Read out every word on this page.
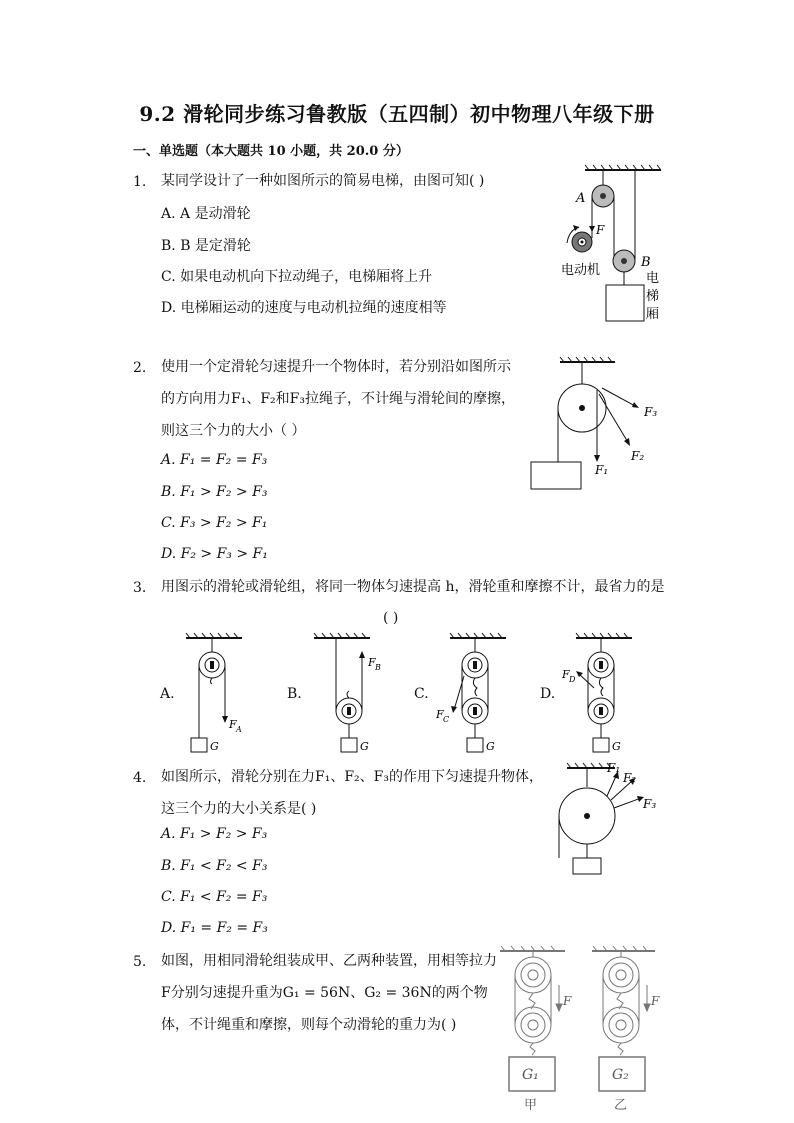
9.2 滑轮同步练习鲁教版（五四制）初中物理八年级下册
一、单选题（本大题共 10 小题，共 20.0 分）
1. 某同学设计了一种如图所示的简易电梯，由图可知( )
A. A 是动滑轮
B. B 是定滑轮
C. 如果电动机向下拉动绳子，电梯厢将上升
D. 电梯厢运动的速度与电动机拉绳的速度相等
A
B
F
电动机
电
梯
厢
2. 使用一个定滑轮匀速提升一个物体时，若分别沿如图所示
的方向用力F₁、F₂和F₃拉绳子，不计绳与滑轮间的摩擦，
则这三个力的大小（ ）
A. F₁ = F₂ = F₃
B. F₁ > F₂ > F₃
C. F₃ > F₂ > F₁
D. F₂ > F₃ > F₁
F₁
F₂
F₃
3. 用图示的滑轮或滑轮组，将同一物体匀速提高 h，滑轮重和摩擦不计，最省力的是
( )
A.	B.	C.	D.
G
F A
G
F B
G
F C
G
F D
4. 如图所示，滑轮分别在力F₁、F₂、F₃的作用下匀速提升物体，
这三个力的大小关系是( )
A. F₁ > F₂ > F₃
B. F₁ < F₂ < F₃
C. F₁ < F₂ = F₃
D. F₁ = F₂ = F₃
F₁
F₂
F₃
5. 如图，用相同滑轮组装成甲、乙两种装置，用相等拉力
F分别匀速提升重为G₁ = 56N、G₂ = 36N的两个物
体，不计绳重和摩擦，则每个动滑轮的重力为( )
F	F
G₁	G₂
甲	乙
